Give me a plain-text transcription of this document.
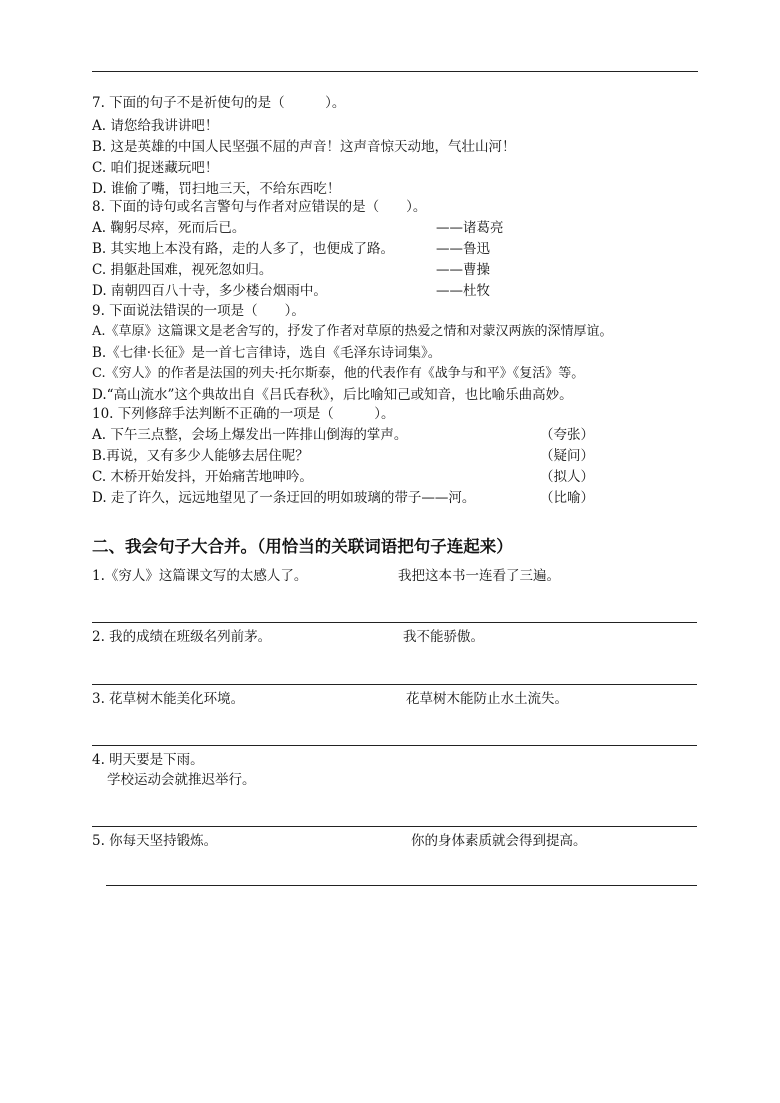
7. 下面的句子不是祈使句的是（　　　）。
A. 请您给我讲讲吧！
B. 这是英雄的中国人民坚强不屈的声音！这声音惊天动地，气壮山河！
C. 咱们捉迷藏玩吧！
D. 谁偷了嘴，罚扫地三天，不给东西吃！
8. 下面的诗句或名言警句与作者对应错误的是（　　）。
A. 鞠躬尽瘁，死而后已。	——诸葛亮
B. 其实地上本没有路，走的人多了，也便成了路。	——鲁迅
C. 捐躯赴国难，视死忽如归。	——曹操
D. 南朝四百八十寺，多少楼台烟雨中。	——杜牧
9. 下面说法错误的一项是（　　）。
A.《草原》这篇课文是老舍写的，抒发了作者对草原的热爱之情和对蒙汉两族的深情厚谊。
B.《七律·长征》是一首七言律诗，选自《毛泽东诗词集》。
C.《穷人》的作者是法国的列夫·托尔斯泰，他的代表作有《战争与和平》《复活》等。
D.“高山流水”这个典故出自《吕氏春秋》，后比喻知己或知音，也比喻乐曲高妙。
10. 下列修辞手法判断不正确的一项是（　　　）。
A. 下午三点整，会场上爆发出一阵排山倒海的掌声。	（夸张）
B.再说，又有多少人能够去居住呢？	（疑问）
C. 木桥开始发抖，开始痛苦地呻吟。	（拟人）
D. 走了许久，远远地望见了一条迂回的明如玻璃的带子——河。	（比喻）
二、我会句子大合并。（用恰当的关联词语把句子连起来）
1.《穷人》这篇课文写的太感人了。	我把这本书一连看了三遍。
2. 我的成绩在班级名列前茅。	我不能骄傲。
3. 花草树木能美化环境。	花草树木能防止水土流失。
4. 明天要是下雨。
学校运动会就推迟举行。
5. 你每天坚持锻炼。	你的身体素质就会得到提高。
